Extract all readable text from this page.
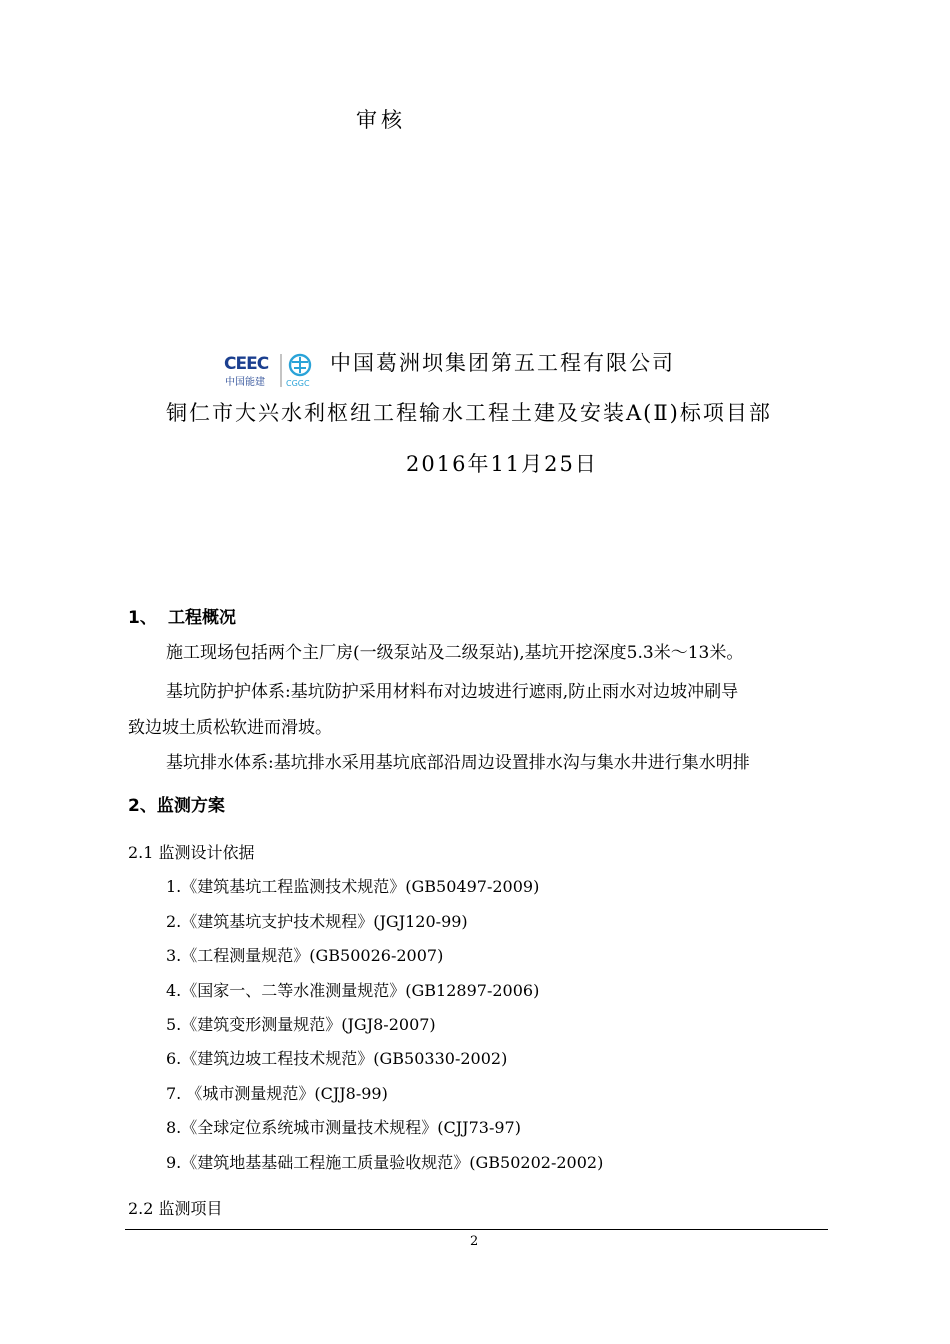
审核
CEEC
中国能建	CGGC
中国葛洲坝集团第五工程有限公司
铜仁市大兴水利枢纽工程输水工程土建及安装A(Ⅱ)标项目部
2016年11月25日
1、 工程概况
施工现场包括两个主厂房(一级泵站及二级泵站),基坑开挖深度5.3米～13米。
基坑防护护体系:基坑防护采用材料布对边坡进行遮雨,防止雨水对边坡冲刷导
致边坡土质松软进而滑坡。
基坑排水体系:基坑排水采用基坑底部沿周边设置排水沟与集水井进行集水明排
2、监测方案
2.1 监测设计依据
1.《建筑基坑工程监测技术规范》(GB50497-2009)
2.《建筑基坑支护技术规程》(JGJ120-99)
3.《工程测量规范》(GB50026-2007)
4.《国家一、二等水准测量规范》(GB12897-2006)
5.《建筑变形测量规范》(JGJ8-2007)
6.《建筑边坡工程技术规范》(GB50330-2002)
7. 《城市测量规范》(CJJ8-99)
8.《全球定位系统城市测量技术规程》(CJJ73-97)
9.《建筑地基基础工程施工质量验收规范》(GB50202-2002)
2.2 监测项目
2
